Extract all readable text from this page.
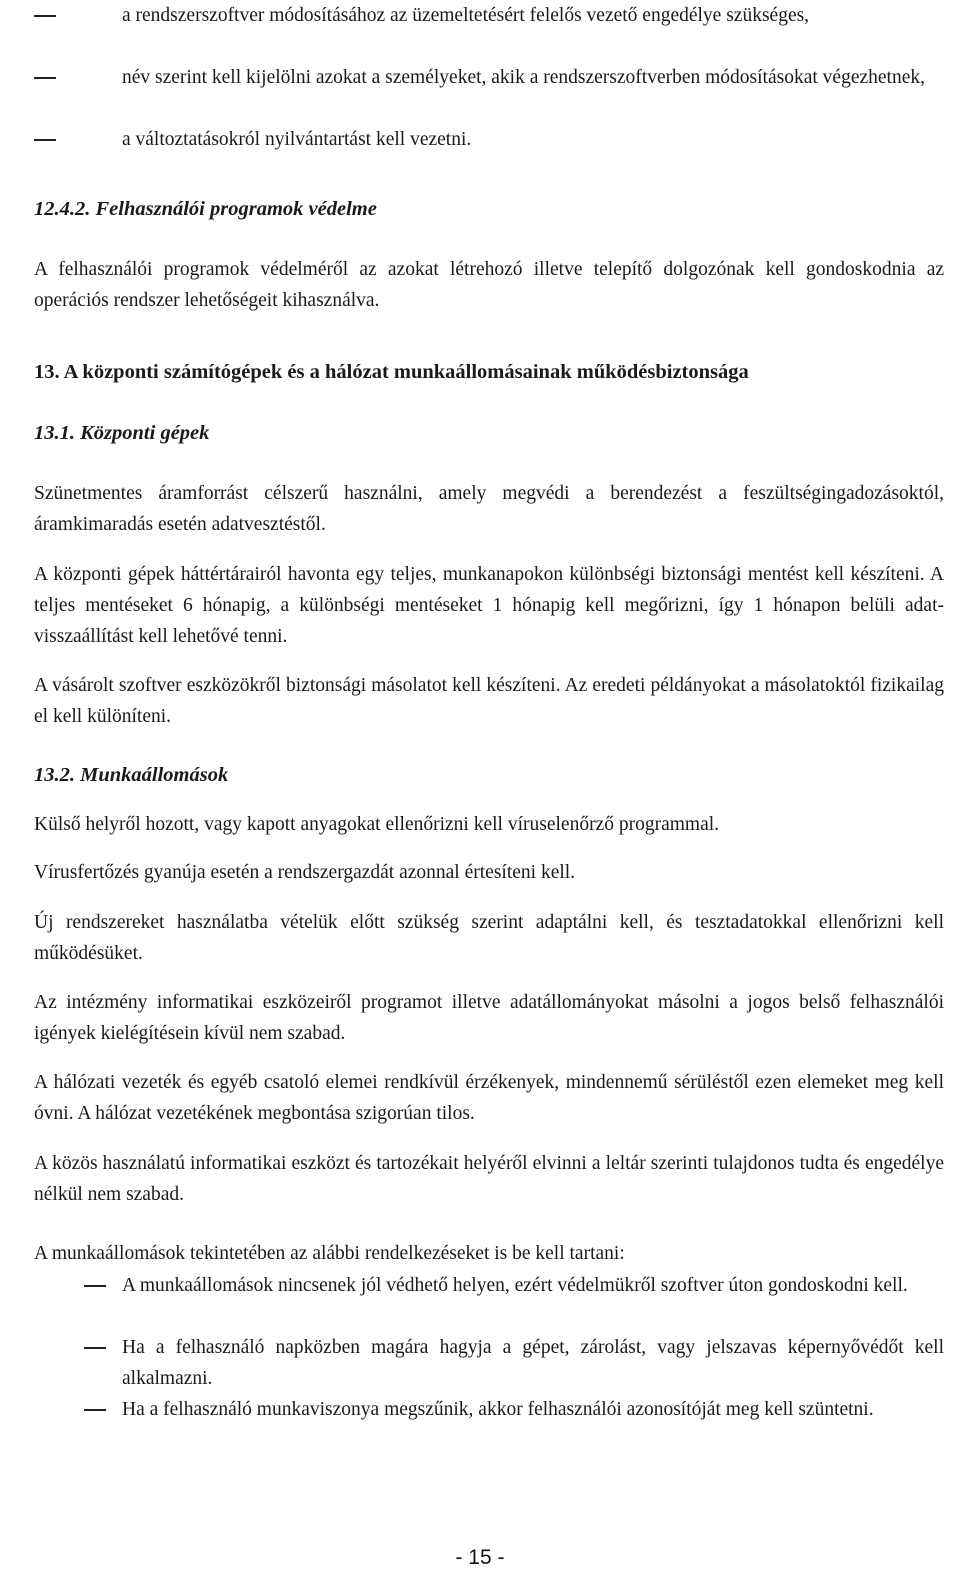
a rendszerszoftver módosításához az üzemeltetésért felelős vezető engedélye szükséges,
név szerint kell kijelölni azokat a személyeket, akik a rendszerszoftverben módosításokat végezhetnek,
a változtatásokról nyilvántartást kell vezetni.
12.4.2. Felhasználói programok védelme

A felhasználói programok védelméről az azokat létrehozó illetve telepítő dolgozónak kell gondoskodnia az operációs rendszer lehetőségeit kihasználva.

13. A központi számítógépek és a hálózat munkaállomásainak működésbiztonsága
13.1. Központi gépek

Szünetmentes áramforrást célszerű használni, amely megvédi a berendezést a feszültségingadozásoktól, áramkimaradás esetén adatvesztéstől.

A központi gépek háttértárairól havonta egy teljes, munkanapokon különbségi biztonsági mentést kell készíteni. A teljes mentéseket 6 hónapig, a különbségi mentéseket 1 hónapig kell megőrizni, így 1 hónapon belüli adat-visszaállítást kell lehetővé tenni.

A vásárolt szoftver eszközökről biztonsági másolatot kell készíteni. Az eredeti példányokat a másolatoktól fizikailag el kell különíteni.

13.2. Munkaállomások

Külső helyről hozott, vagy kapott anyagokat ellenőrizni kell víruselenőrző programmal.

Vírusfertőzés gyanúja esetén a rendszergazdát azonnal értesíteni kell.

Új rendszereket használatba vételük előtt szükség szerint adaptálni kell, és tesztadatokkal ellenőrizni kell működésüket.

Az intézmény informatikai eszközeiről programot illetve adatállományokat másolni a jogos belső felhasználói igények kielégítésein kívül nem szabad.

A hálózati vezeték és egyéb csatoló elemei rendkívül érzékenyek, mindennemű sérüléstől ezen elemeket meg kell óvni. A hálózat vezetékének megbontása szigorúan tilos.

A közös használatú informatikai eszközt és tartozékait helyéről elvinni a leltár szerinti tulajdonos tudta és engedélye nélkül nem szabad.

A munkaállomások tekintetében az alábbi rendelkezéseket is be kell tartani:

A munkaállomások nincsenek jól védhető helyen, ezért védelmükről szoftver úton gondoskodni kell.
Ha a felhasználó napközben magára hagyja a gépet, zárolást, vagy jelszavas képernyővédőt kell alkalmazni.
Ha a felhasználó munkaviszonya megszűnik, akkor felhasználói azonosítóját meg kell szüntetni.
- 15 -
